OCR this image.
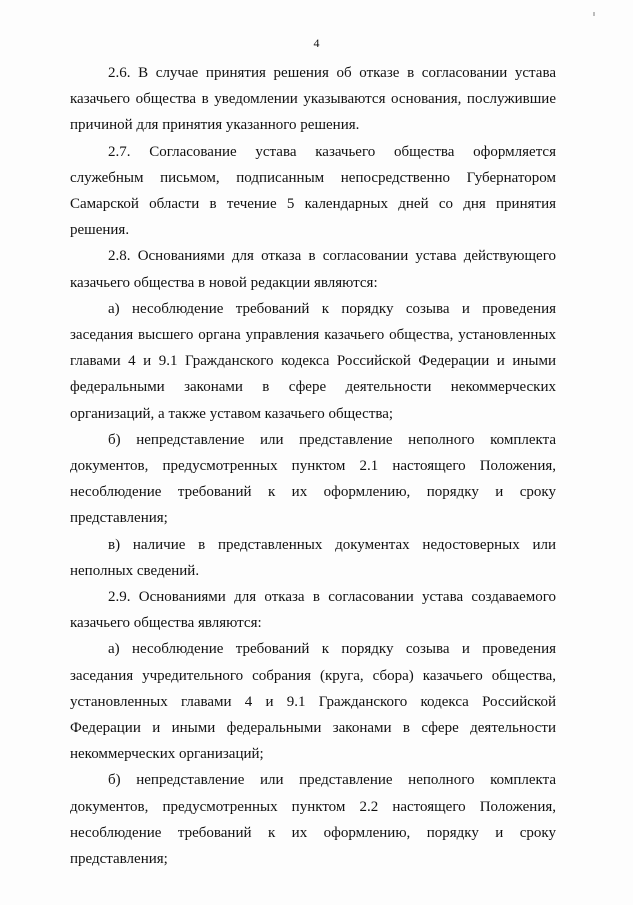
4

2.6. В случае принятия решения об отказе в согласовании устава казачьего общества в уведомлении указываются основания, послужившие причиной для принятия указанного решения.

2.7. Согласование устава казачьего общества оформляется служебным письмом, подписанным непосредственно Губернатором Самарской области в течение 5 календарных дней со дня принятия решения.

2.8. Основаниями для отказа в согласовании устава действующего казачьего общества в новой редакции являются:

а) несоблюдение требований к порядку созыва и проведения заседания высшего органа управления казачьего общества, установленных главами 4 и 9.1 Гражданского кодекса Российской Федерации и иными федеральными законами в сфере деятельности некоммерческих организаций, а также уставом казачьего общества;

б) непредставление или представление неполного комплекта документов, предусмотренных пунктом 2.1 настоящего Положения, несоблюдение требований к их оформлению, порядку и сроку представления;

в) наличие в представленных документах недостоверных или неполных сведений.

2.9. Основаниями для отказа в согласовании устава создаваемого казачьего общества являются:

а) несоблюдение требований к порядку созыва и проведения заседания учредительного собрания (круга, сбора) казачьего общества, установленных главами 4 и 9.1 Гражданского кодекса Российской Федерации и иными федеральными законами в сфере деятельности некоммерческих организаций;

б) непредставление или представление неполного комплекта документов, предусмотренных пунктом 2.2 настоящего Положения, несоблюдение требований к их оформлению, порядку и сроку представления;
